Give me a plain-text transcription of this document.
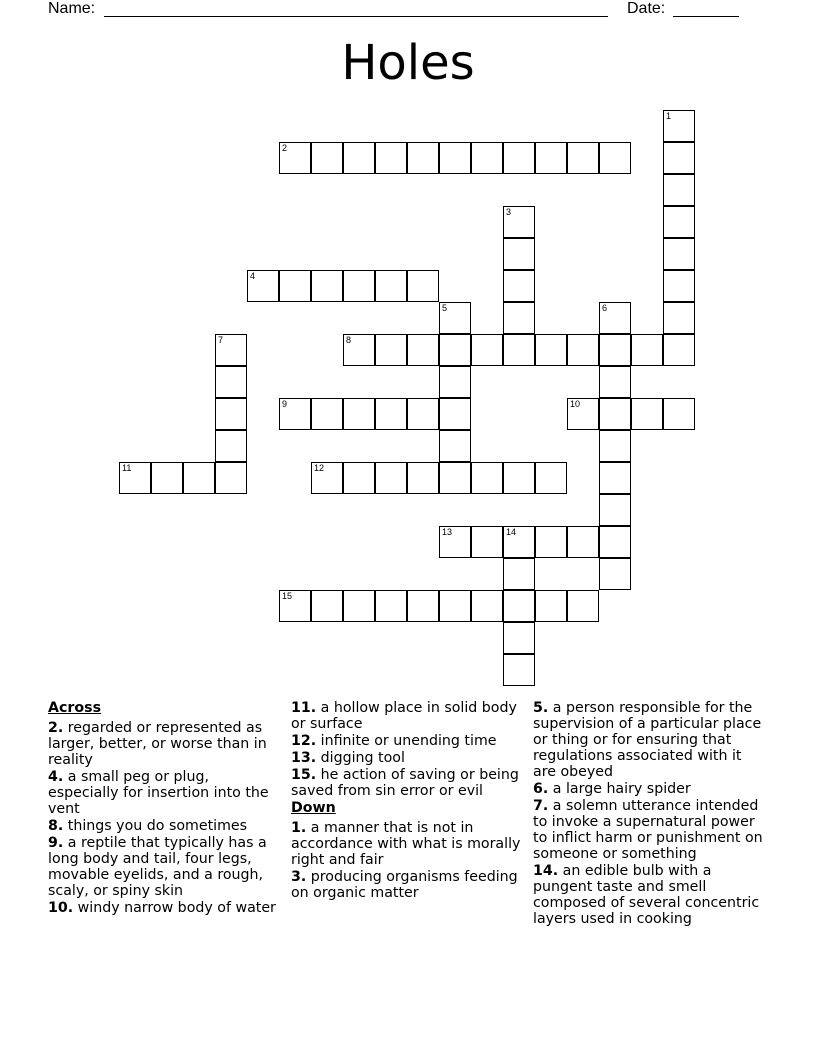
Name:	Date:
Holes
1
2
3
4
5	6
7	8
9	10
11	12
13	14
15
Across
2. regarded or represented as larger, better, or worse than in reality
4. a small peg or plug, especially for insertion into the vent
8. things you do sometimes
9. a reptile that typically has a long body and tail, four legs, movable eyelids, and a rough, scaly, or spiny skin
10. windy narrow body of water
11. a hollow place in solid body or surface
12. infinite or unending time
13. digging tool
15. he action of saving or being saved from sin error or evil
Down
1. a manner that is not in accordance with what is morally right and fair
3. producing organisms feeding on organic matter
5. a person responsible for the supervision of a particular place or thing or for ensuring that regulations associated with it are obeyed
6. a large hairy spider
7. a solemn utterance intended to invoke a supernatural power to inflict harm or punishment on someone or something
14. an edible bulb with a pungent taste and smell composed of several concentric layers used in cooking
